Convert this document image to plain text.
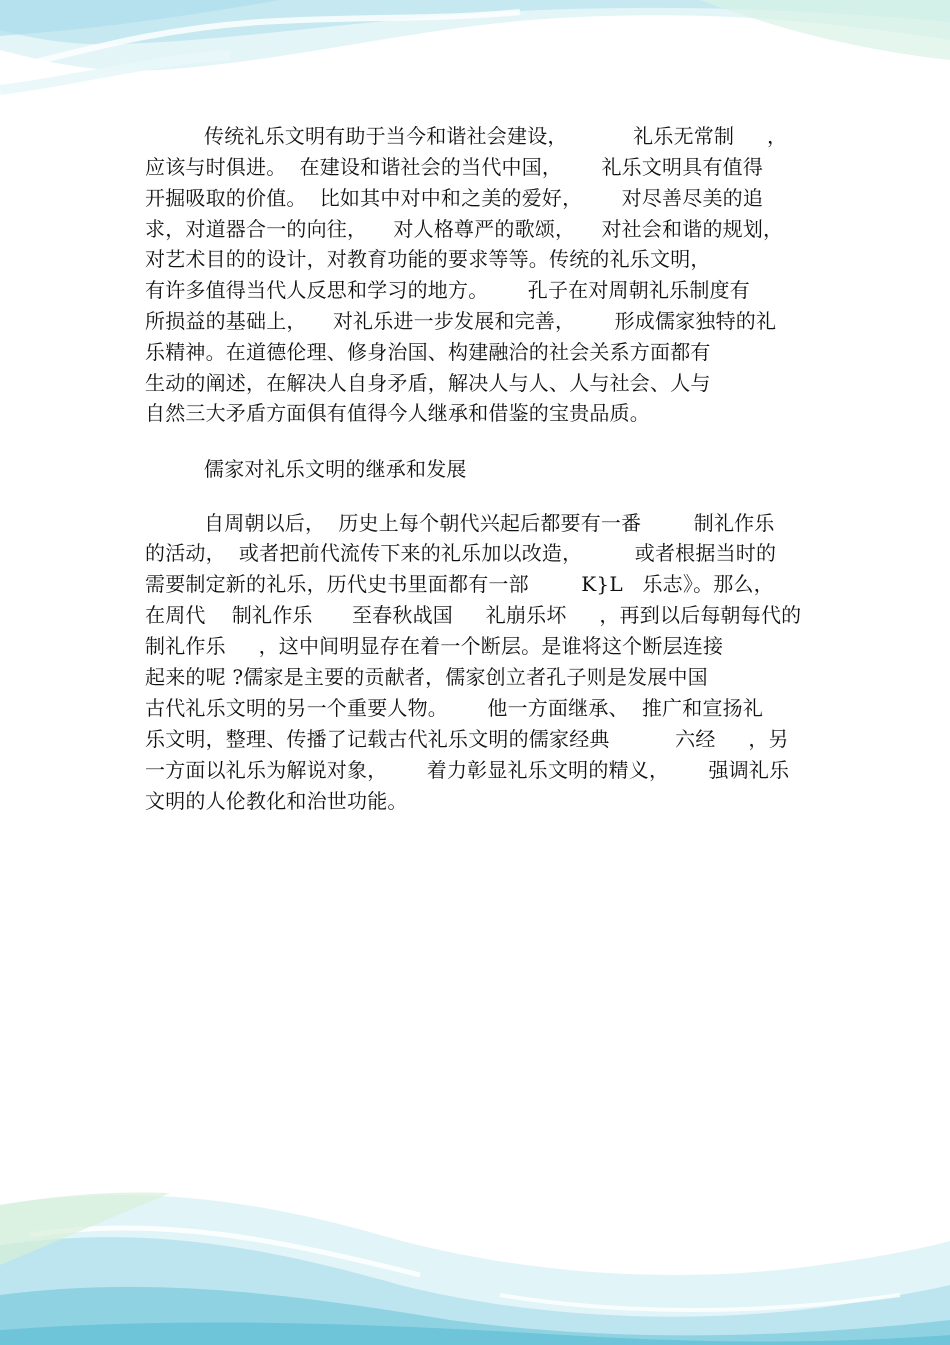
传统礼乐文明有助于当今和谐社会建设，          礼乐无常制     ，
应该与时俱进。  在建设和谐社会的当代中国，      礼乐文明具有值得
开掘吸取的价值。  比如其中对中和之美的爱好，      对尽善尽美的追
求，对道器合一的向往，    对人格尊严的歌颂，    对社会和谐的规划，
对艺术目的的设计，对教育功能的要求等等。传统的礼乐文明，
有许多值得当代人反思和学习的地方。      孔子在对周朝礼乐制度有
所损益的基础上，    对礼乐进一步发展和完善，      形成儒家独特的礼
乐精神。在道德伦理、修身治国、构建融洽的社会关系方面都有
生动的阐述，在解决人自身矛盾，解决人与人、人与社会、人与
自然三大矛盾方面俱有值得今人继承和借鉴的宝贵品质。
儒家对礼乐文明的继承和发展
自周朝以后，  历史上每个朝代兴起后都要有一番        制礼作乐
的活动，  或者把前代流传下来的礼乐加以改造，        或者根据当时的
需要制定新的礼乐，历代史书里面都有一部        K}L   乐志》。那么，
在周代    制礼作乐      至春秋战国     礼崩乐坏     ，再到以后每朝每代的
制礼作乐     ，这中间明显存在着一个断层。是谁将这个断层连接
起来的呢 ?儒家是主要的贡献者，儒家创立者孔子则是发展中国
古代礼乐文明的另一个重要人物。      他一方面继承、  推广和宣扬礼
乐文明，整理、传播了记载古代礼乐文明的儒家经典          六经     ，另
一方面以礼乐为解说对象，      着力彰显礼乐文明的精义，      强调礼乐
文明的人伦教化和治世功能。
